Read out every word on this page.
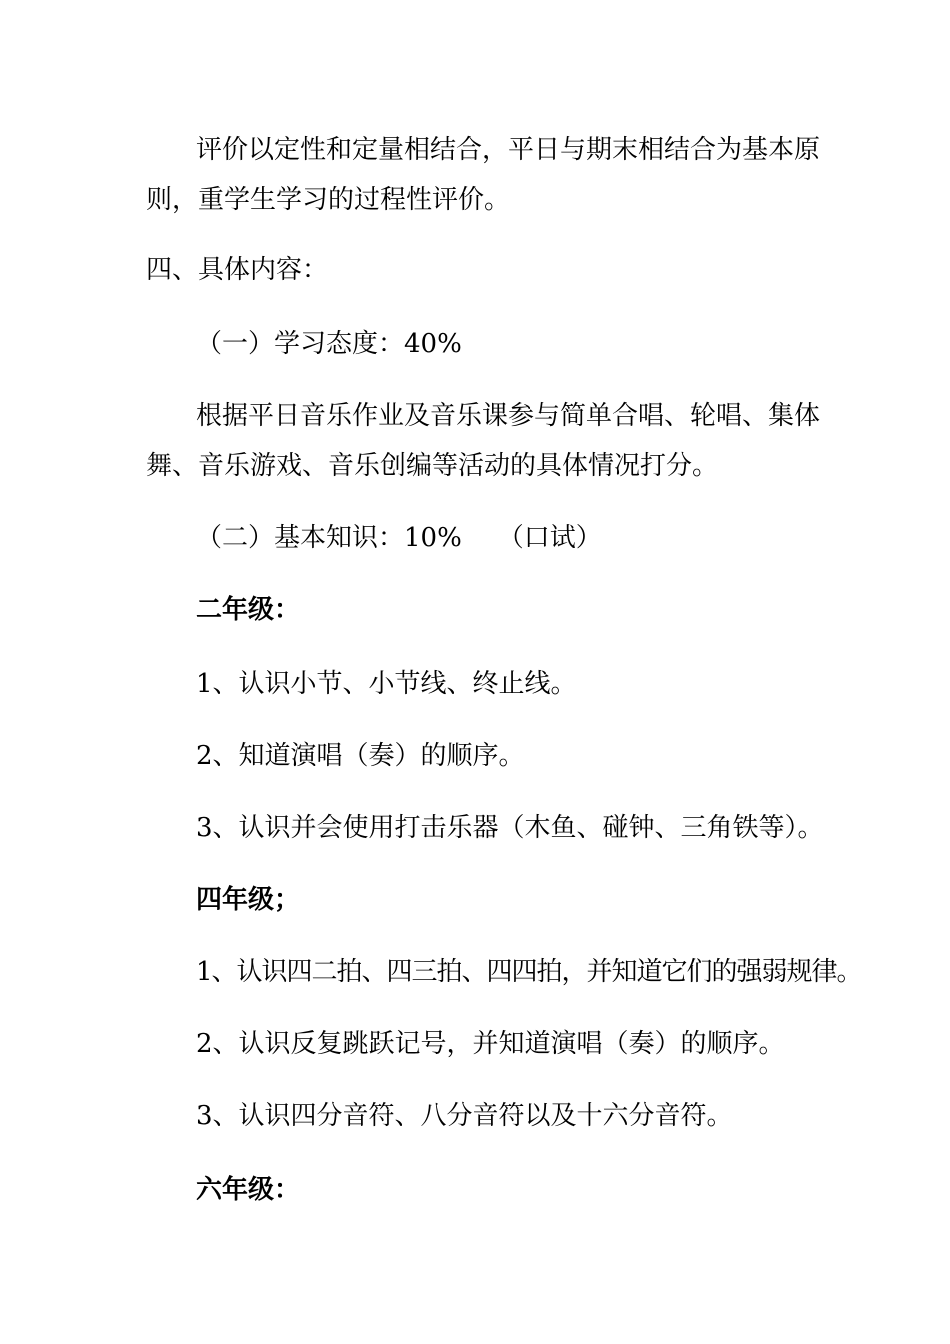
评价以定性和定量相结合，平日与期末相结合为基本原
则，重学生学习的过程性评价。
四、具体内容：
（一）学习态度：40%
根据平日音乐作业及音乐课参与简单合唱、轮唱、集体
舞、音乐游戏、音乐创编等活动的具体情况打分。
（二）基本知识：10% （口试）
二年级：
1、认识小节、小节线、终止线。
2、知道演唱（奏）的顺序。
3、认识并会使用打击乐器（木鱼、碰钟、三角铁等）。
四年级；
1、认识四二拍、四三拍、四四拍，并知道它们的强弱规律。
2、认识反复跳跃记号，并知道演唱（奏）的顺序。
3、认识四分音符、八分音符以及十六分音符。
六年级：
